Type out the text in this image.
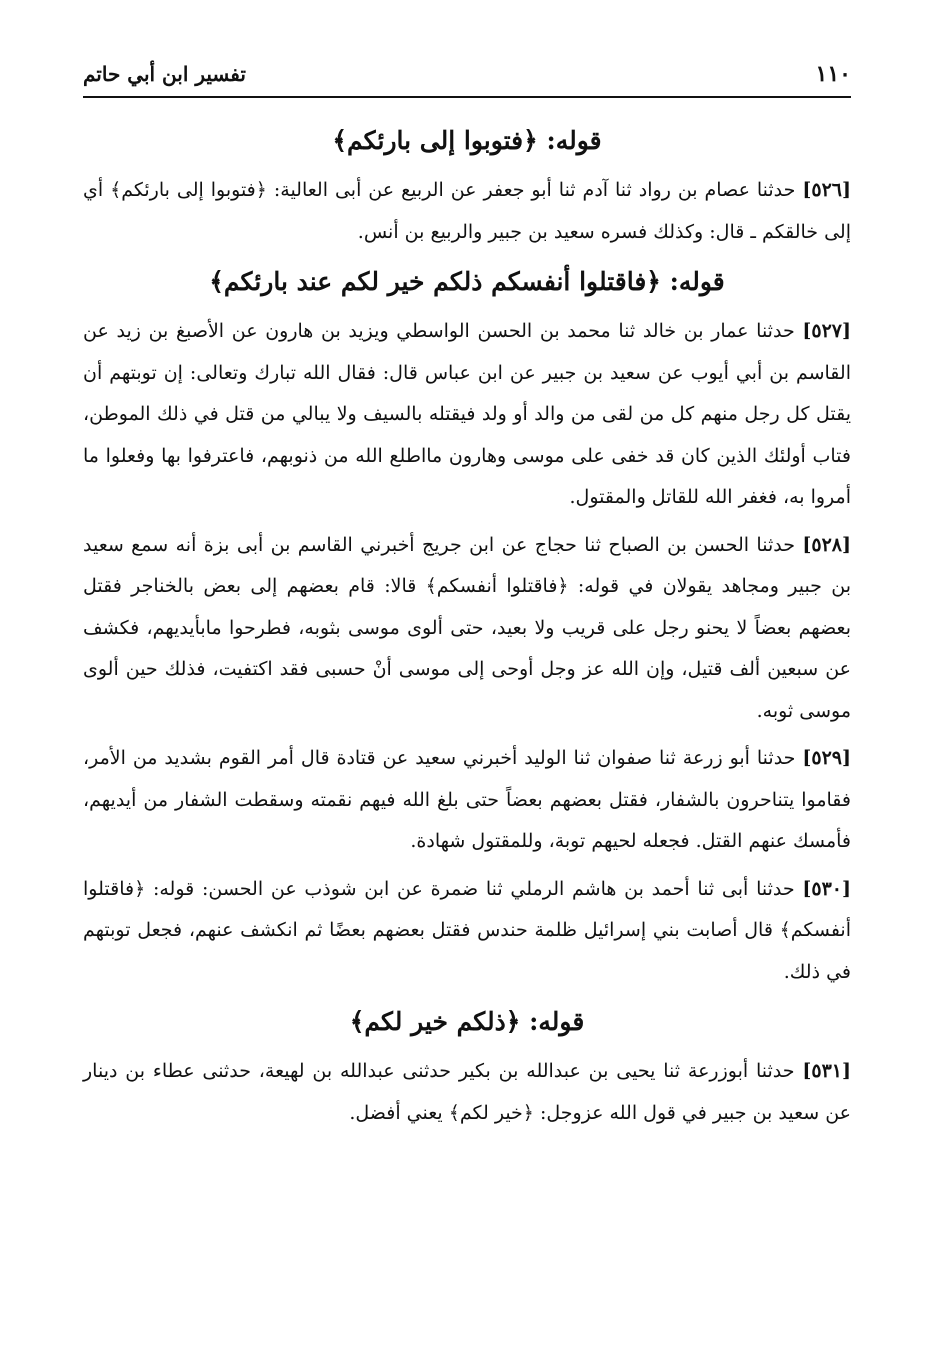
١١٠
تفسير ابن أبي حاتم
قوله: ﴿فتوبوا إلى بارئكم﴾

[٥٢٦] حدثنا عصام بن رواد ثنا آدم ثنا أبو جعفر عن الربيع عن أبى العالية: ﴿فتوبوا إلى بارئكم﴾ أي إلى خالقكم ـ قال: وكذلك فسره سعيد بن جبير والربيع بن أنس.

قوله: ﴿فاقتلوا أنفسكم ذلكم خير لكم عند بارئكم﴾

[٥٢٧] حدثنا عمار بن خالد ثنا محمد بن الحسن الواسطي ويزيد بن هارون عن الأصبغ بن زيد عن القاسم بن أبي أيوب عن سعيد بن جبير عن ابن عباس قال: فقال الله تبارك وتعالى: إن توبتهم أن يقتل كل رجل منهم كل من لقى من والد أو ولد فيقتله بالسيف ولا يبالي من قتل في ذلك الموطن، فتاب أولئك الذين كان قد خفى على موسى وهارون مااطلع الله من ذنوبهم، فاعترفوا بها وفعلوا ما أمروا به، فغفر الله للقاتل والمقتول.

[٥٢٨] حدثنا الحسن بن الصباح ثنا حجاج عن ابن جريج أخبرني القاسم بن أبى بزة أنه سمع سعيد بن جبير ومجاهد يقولان في قوله: ﴿فاقتلوا أنفسكم﴾ قالا: قام بعضهم إلى بعض بالخناجر فقتل بعضهم بعضاً لا يحنو رجل على قريب ولا بعيد، حتى ألوى موسى بثوبه، فطرحوا مابأيديهم، فكشف عن سبعين ألف قتيل، وإن الله عز وجل أوحى إلى موسى أنْ حسبى فقد اكتفيت، فذلك حين ألوى موسى ثوبه.

[٥٢٩] حدثنا أبو زرعة ثنا صفوان ثنا الوليد أخبرني سعيد عن قتادة قال أمر القوم بشديد من الأمر، فقاموا يتناحرون بالشفار، فقتل بعضهم بعضاً حتى بلغ الله فيهم نقمته وسقطت الشفار من أيديهم، فأمسك عنهم القتل. فجعله لحيهم توبة، وللمقتول شهادة.

[٥٣٠] حدثنا أبى ثنا أحمد بن هاشم الرملي ثنا ضمرة عن ابن شوذب عن الحسن: قوله: ﴿فاقتلوا أنفسكم﴾ قال أصابت بني إسرائيل ظلمة حندس فقتل بعضهم بعضًا ثم انكشف عنهم، فجعل توبتهم في ذلك.

قوله: ﴿ذلكم خير لكم﴾

[٥٣١] حدثنا أبوزرعة ثنا يحيى بن عبدالله بن بكير حدثنى عبدالله بن لهيعة، حدثنى عطاء بن دينار عن سعيد بن جبير في قول الله عزوجل: ﴿خير لكم﴾ يعني أفضل.
